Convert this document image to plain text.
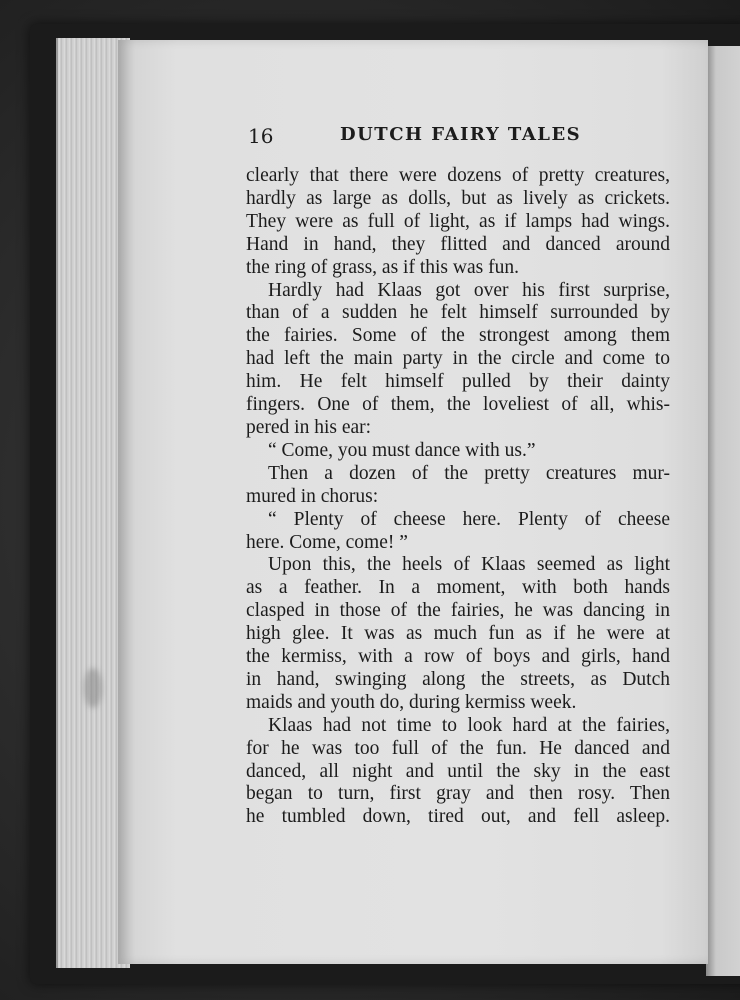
16	DUTCH FAIRY TALES
clearly that there were dozens of pretty creatures,
hardly as large as dolls, but as lively as crickets.
They were as full of light, as if lamps had wings.
Hand in hand, they flitted and danced around
the ring of grass, as if this was fun.
Hardly had Klaas got over his first surprise,
than of a sudden he felt himself surrounded by
the fairies. Some of the strongest among them
had left the main party in the circle and come to
him. He felt himself pulled by their dainty
fingers. One of them, the loveliest of all, whis-
pered in his ear:
“ Come, you must dance with us.”
Then a dozen of the pretty creatures mur-
mured in chorus:
“ Plenty of cheese here. Plenty of cheese
here. Come, come! ”
Upon this, the heels of Klaas seemed as light
as a feather. In a moment, with both hands
clasped in those of the fairies, he was dancing in
high glee. It was as much fun as if he were at
the kermiss, with a row of boys and girls, hand
in hand, swinging along the streets, as Dutch
maids and youth do, during kermiss week.
Klaas had not time to look hard at the fairies,
for he was too full of the fun. He danced and
danced, all night and until the sky in the east
began to turn, first gray and then rosy. Then
he tumbled down, tired out, and fell asleep.
